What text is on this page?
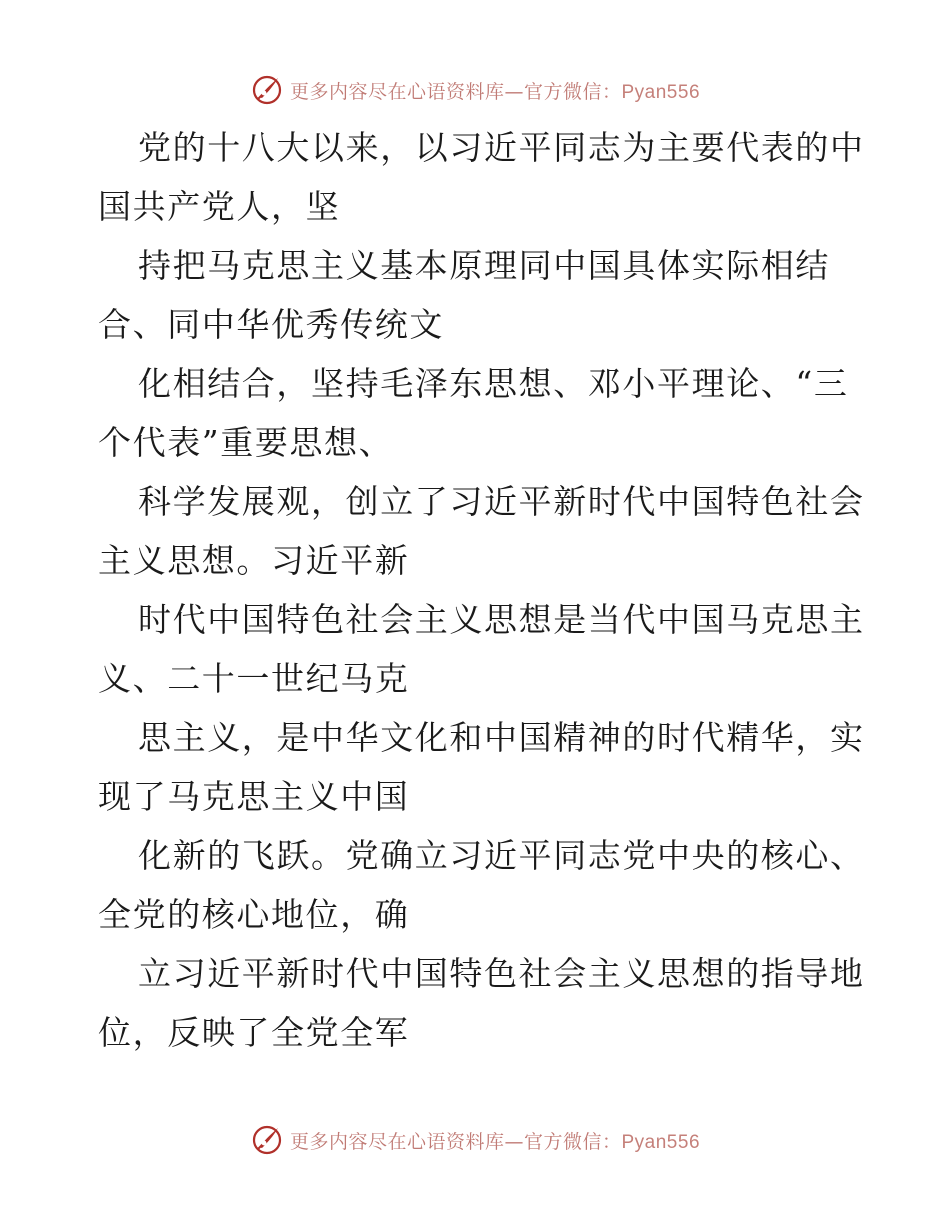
更多内容尽在心语资料库—官方微信：Pyan556
党的十八大以来，以习近平同志为主要代表的中
国共产党人，坚
持把马克思主义基本原理同中国具体实际相结
合、同中华优秀传统文
化相结合，坚持毛泽东思想、邓小平理论、“三
个代表”重要思想、
科学发展观，创立了习近平新时代中国特色社会
主义思想。习近平新
时代中国特色社会主义思想是当代中国马克思主
义、二十一世纪马克
思主义，是中华文化和中国精神的时代精华，实
现了马克思主义中国
化新的飞跃。党确立习近平同志党中央的核心、
全党的核心地位，确
立习近平新时代中国特色社会主义思想的指导地
位，反映了全党全军
更多内容尽在心语资料库—官方微信：Pyan556
